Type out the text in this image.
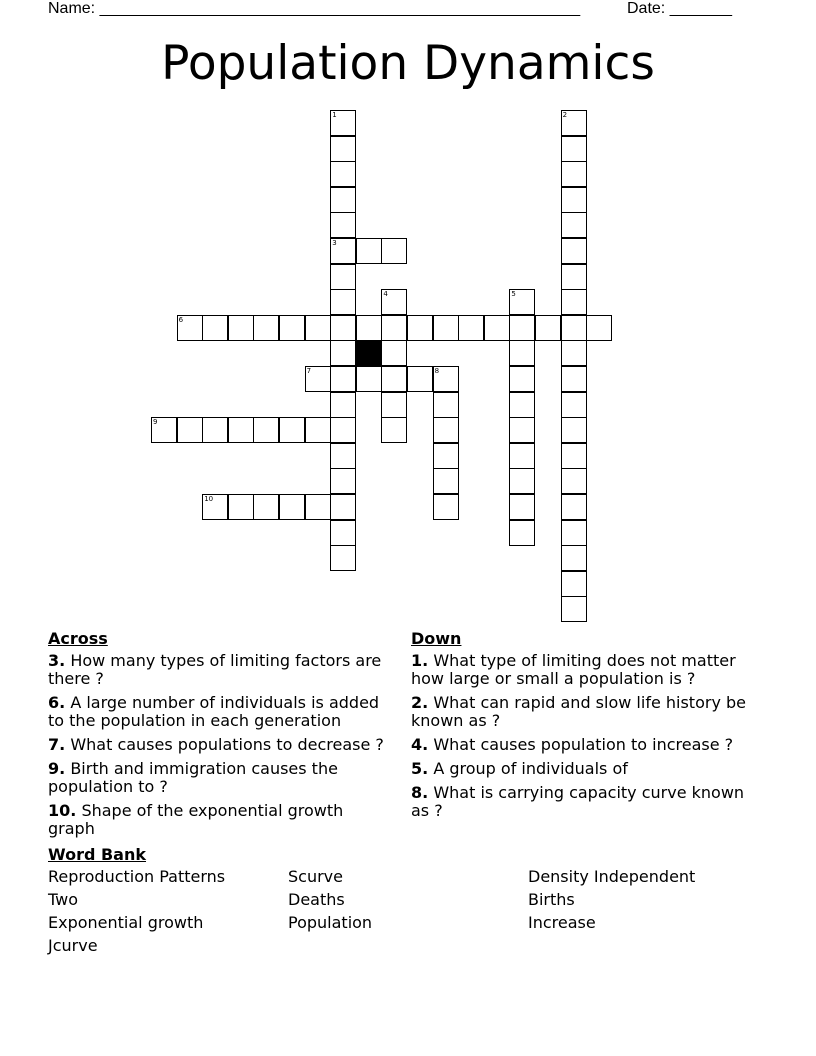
Name: ______________________________________________________	Date: _______
Population Dynamics
1
3
2
4	5
8
6
7
9
10
Across
3. How many types of limiting factors are there ?
6. A large number of individuals is added to the population in each generation
7. What causes populations to decrease ?
9. Birth and immigration causes the population to ?
10. Shape of the exponential growth graph
Down
1. What type of limiting does not matter how large or small a population is ?
2. What can rapid and slow life history be known as ?
4. What causes population to increase ?
5. A group of individuals of
8. What is carrying capacity curve known as ?
Word Bank
Reproduction Patterns	Scurve	Density Independent
Two	Deaths	Births
Exponential growth	Population	Increase
Jcurve
